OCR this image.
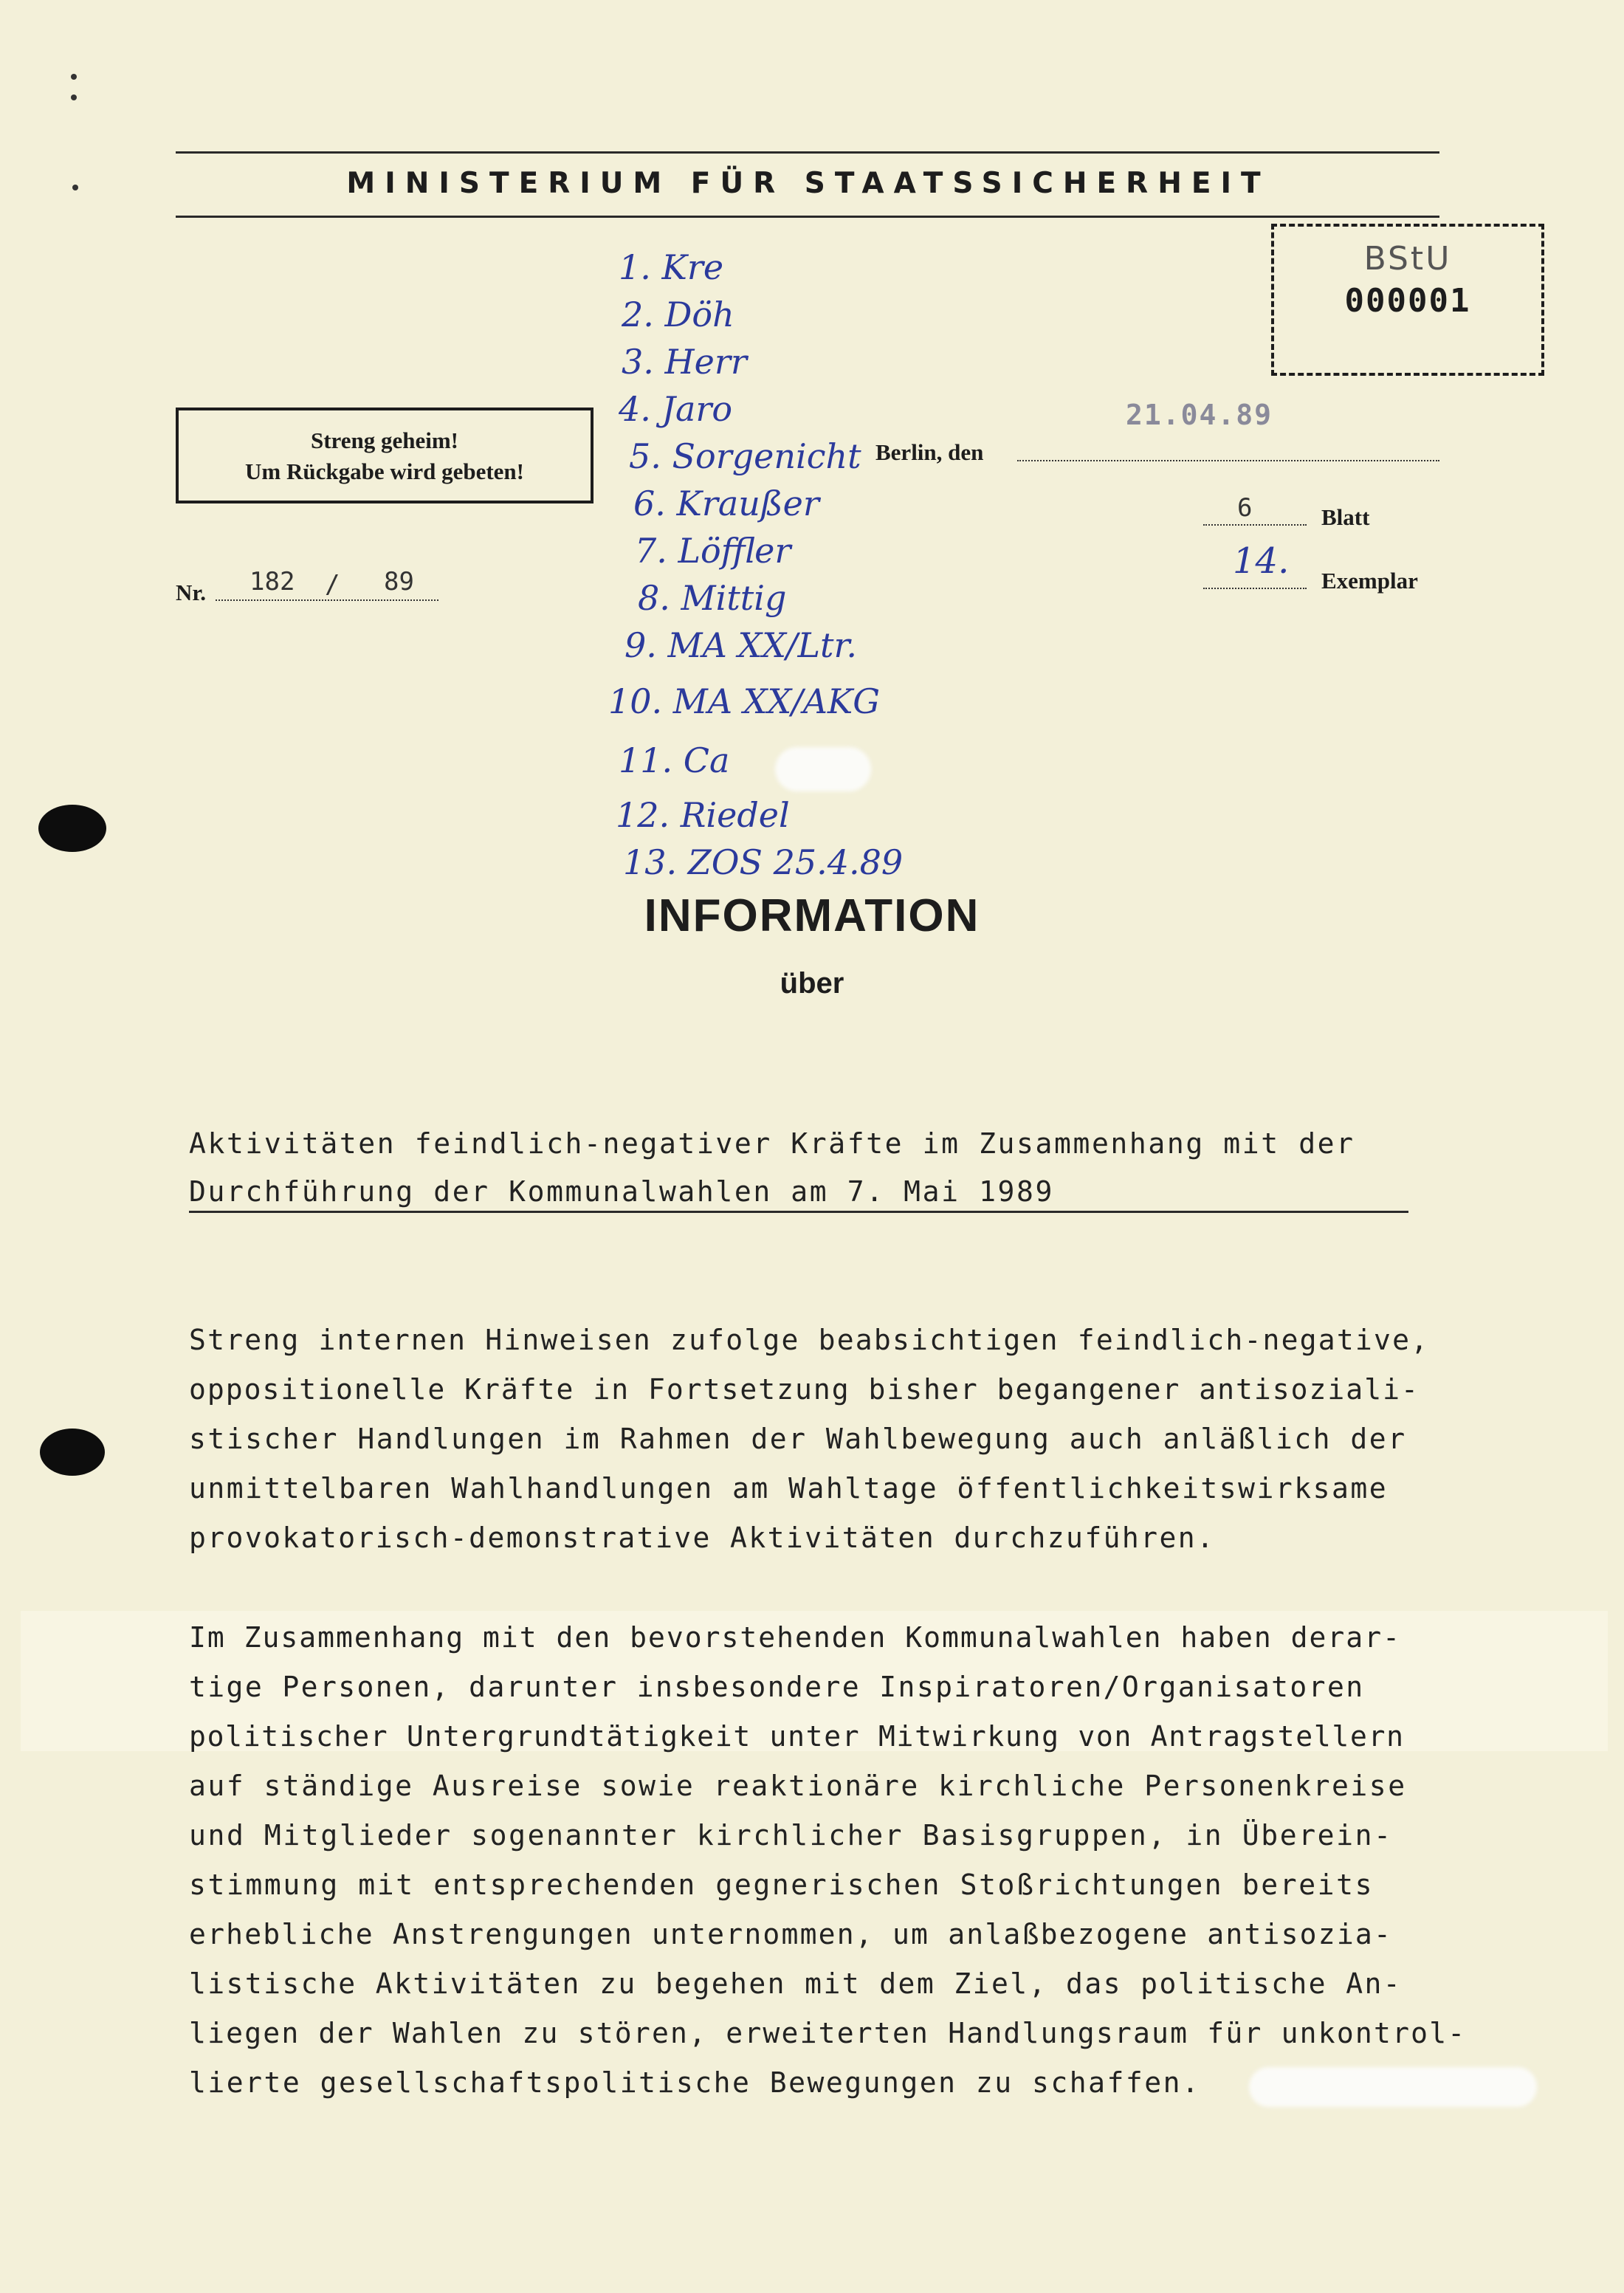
MINISTERIUM FÜR STAATSSICHERHEIT
BStU
000001
Streng geheim!
Um Rückgabe wird gebeten!
Nr. 182 / 89
21.04.89
Berlin, den
6	Blatt
14. Exemplar
1. Kre
2. Döh
3. Herr
4. Jaro
5. Sorgenicht
6. Kraußer
7. Löffler
8. Mittig
9. MA XX/Ltr.
10. MA XX/AKG
11. Ca
12. Riedel
13. ZOS 25.4.89
INFORMATION
über
Aktivitäten feindlich-negativer Kräfte im Zusammenhang mit der
Durchführung der Kommunalwahlen am 7. Mai 1989
Streng internen Hinweisen zufolge beabsichtigen feindlich-negative,
oppositionelle Kräfte in Fortsetzung bisher begangener antisoziali-
stischer Handlungen im Rahmen der Wahlbewegung auch anläßlich der
unmittelbaren Wahlhandlungen am Wahltage öffentlichkeitswirksame
provokatorisch-demonstrative Aktivitäten durchzuführen.
Im Zusammenhang mit den bevorstehenden Kommunalwahlen haben derar-
tige Personen, darunter insbesondere Inspiratoren/Organisatoren
politischer Untergrundtätigkeit unter Mitwirkung von Antragstellern
auf ständige Ausreise sowie reaktionäre kirchliche Personenkreise
und Mitglieder sogenannter kirchlicher Basisgruppen, in Überein-
stimmung mit entsprechenden gegnerischen Stoßrichtungen bereits
erhebliche Anstrengungen unternommen, um anlaßbezogene antisozia-
listische Aktivitäten zu begehen mit dem Ziel, das politische An-
liegen der Wahlen zu stören, erweiterten Handlungsraum für unkontrol-
lierte gesellschaftspolitische Bewegungen zu schaffen.
